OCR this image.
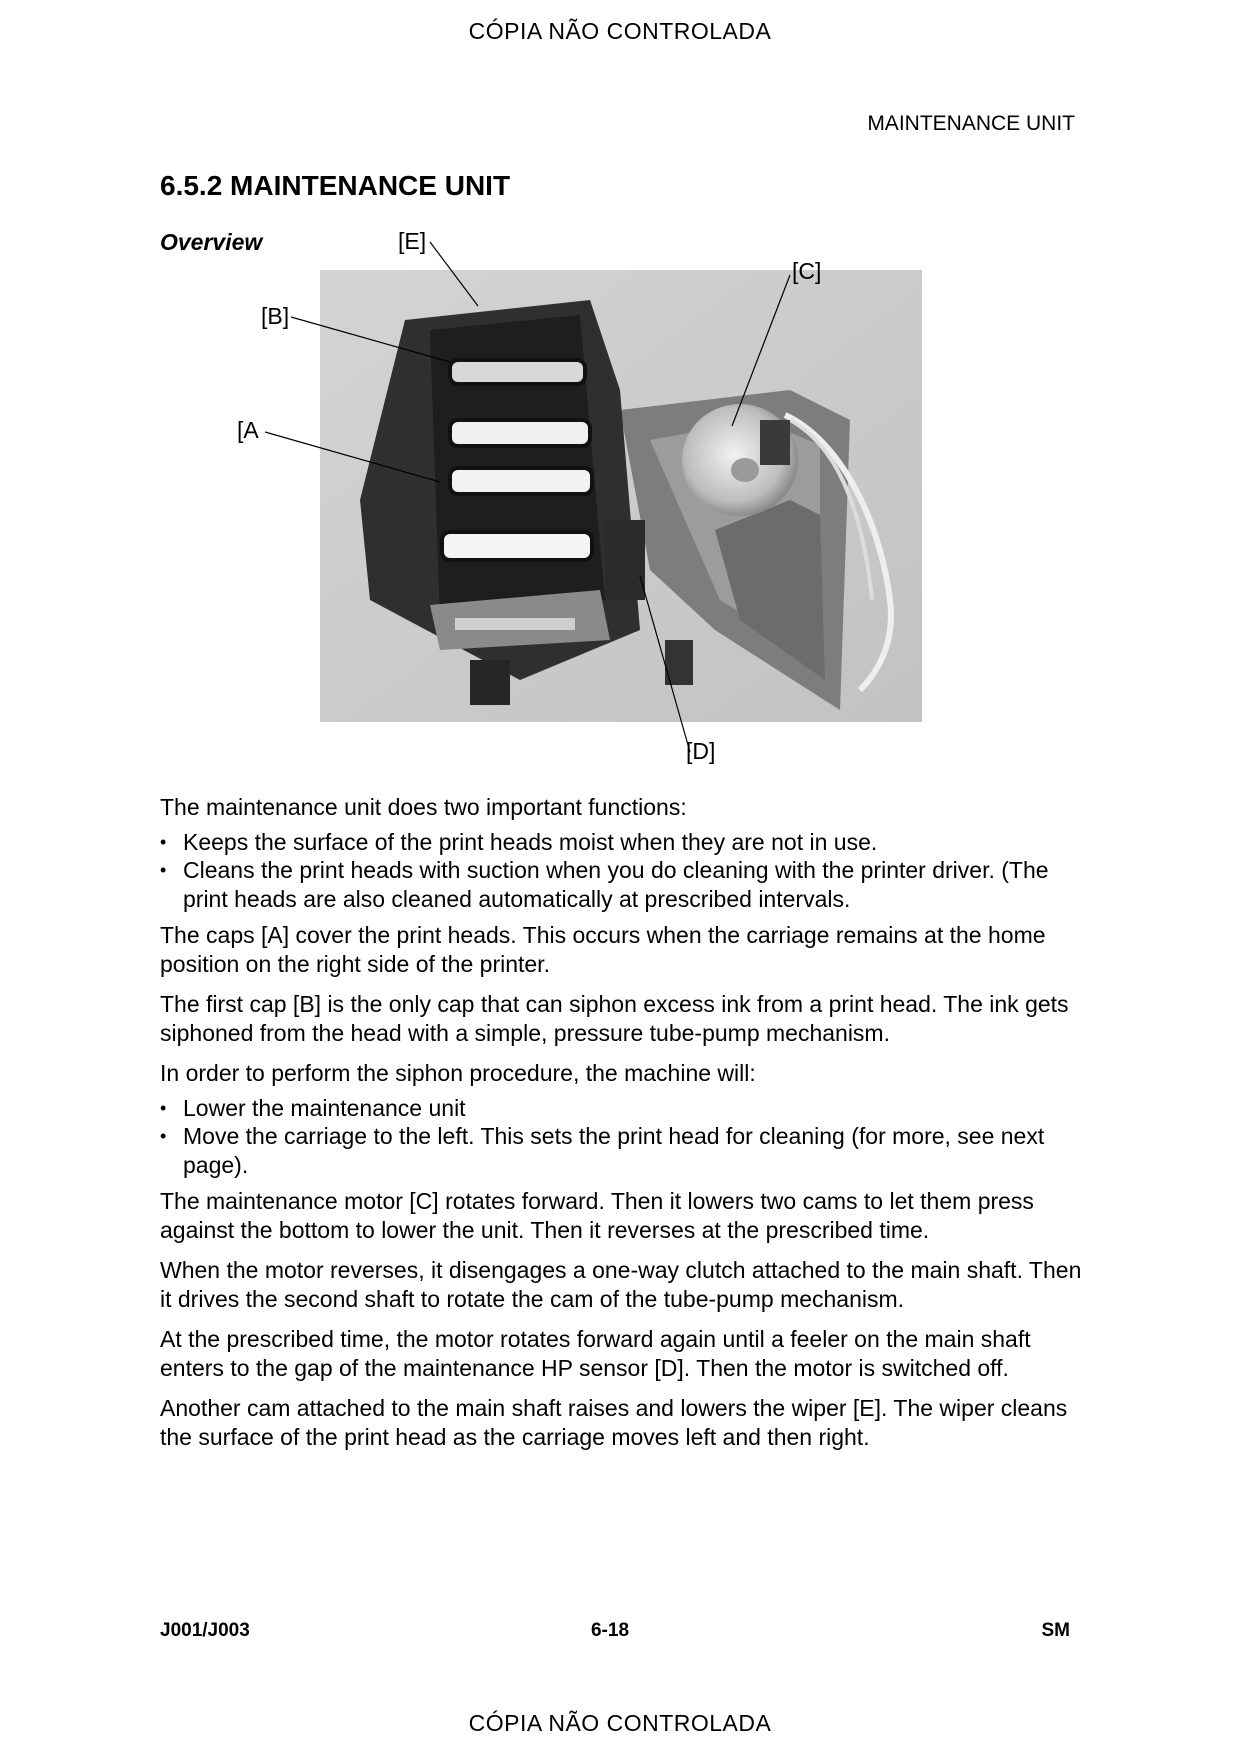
CÓPIA NÃO CONTROLADA
MAINTENANCE UNIT
6.5.2 MAINTENANCE UNIT
Overview	[E]
[C]
[B]
[A
[D]

The maintenance unit does two important functions:

• Keeps the surface of the print heads moist when they are not in use.
• Cleans the print heads with suction when you do cleaning with the printer driver. (The print heads are also cleaned automatically at prescribed intervals.

The caps [A] cover the print heads. This occurs when the carriage remains at the home position on the right side of the printer.

The first cap [B] is the only cap that can siphon excess ink from a print head. The ink gets siphoned from the head with a simple, pressure tube-pump mechanism.

In order to perform the siphon procedure, the machine will:

• Lower the maintenance unit
• Move the carriage to the left. This sets the print head for cleaning (for more, see next page).

The maintenance motor [C] rotates forward. Then it lowers two cams to let them press against the bottom to lower the unit. Then it reverses at the prescribed time.

When the motor reverses, it disengages a one-way clutch attached to the main shaft. Then it drives the second shaft to rotate the cam of the tube-pump mechanism.

At the prescribed time, the motor rotates forward again until a feeler on the main shaft enters to the gap of the maintenance HP sensor [D]. Then the motor is switched off.

Another cam attached to the main shaft raises and lowers the wiper [E]. The wiper cleans the surface of the print head as the carriage moves left and then right.

J001/J003	6-18	SM
CÓPIA NÃO CONTROLADA
